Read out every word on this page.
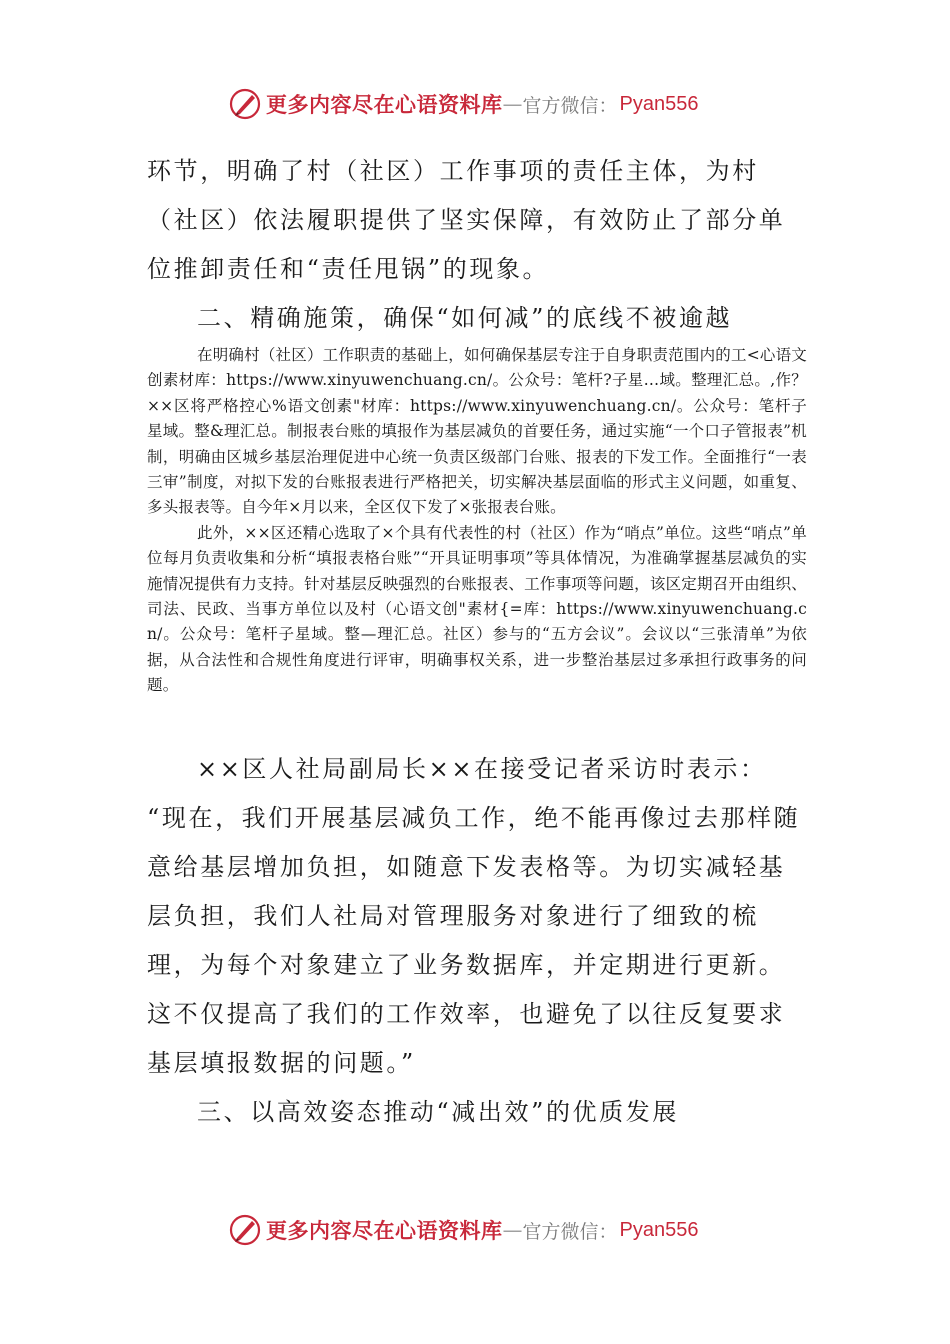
更多内容尽在心语资料库 — 官方微信： Pyan556

环节，明确了村（社区）工作事项的责任主体，为村（社区）依法履职提供了坚实保障，有效防止了部分单位推卸责任和“责任甩锅”的现象。

二、精确施策，确保“如何减”的底线不被逾越

在明确村（社区）工作职责的基础上，如何确保基层专注于自身职责范围内的工<心语文创素材库：https://www.xinyuwenchuang.cn/。公众号：笔杆?子星…域。整理汇总。,作？××区将严格控心%语文创素"材库：https://www.xinyuwenchuang.cn/。公众号：笔杆子星域。整&理汇总。制报表台账的填报作为基层减负的首要任务，通过实施“一个口子管报表”机制，明确由区城乡基层治理促进中心统一负责区级部门台账、报表的下发工作。全面推行“一表三审”制度，对拟下发的台账报表进行严格把关，切实解决基层面临的形式主义问题，如重复、多头报表等。自今年×月以来，全区仅下发了×张报表台账。

此外，××区还精心选取了×个具有代表性的村（社区）作为“哨点”单位。这些“哨点”单位每月负责收集和分析“填报表格台账”“开具证明事项”等具体情况，为准确掌握基层减负的实施情况提供有力支持。针对基层反映强烈的台账报表、工作事项等问题，该区定期召开由组织、司法、民政、当事方单位以及村（心语文创"素材{=库：https://www.xinyuwenchuang.cn/。公众号：笔杆子星域。整—理汇总。社区）参与的“五方会议”。会议以“三张清单”为依据，从合法性和合规性角度进行评审，明确事权关系，进一步整治基层过多承担行政事务的问题。

××区人社局副局长××在接受记者采访时表示：

“现在，我们开展基层减负工作，绝不能再像过去那样随意给基层增加负担，如随意下发表格等。为切实减轻基层负担，我们人社局对管理服务对象进行了细致的梳理，为每个对象建立了业务数据库，并定期进行更新。这不仅提高了我们的工作效率，也避免了以往反复要求基层填报数据的问题。”

三、以高效姿态推动“减出效”的优质发展

更多内容尽在心语资料库 — 官方微信： Pyan556
